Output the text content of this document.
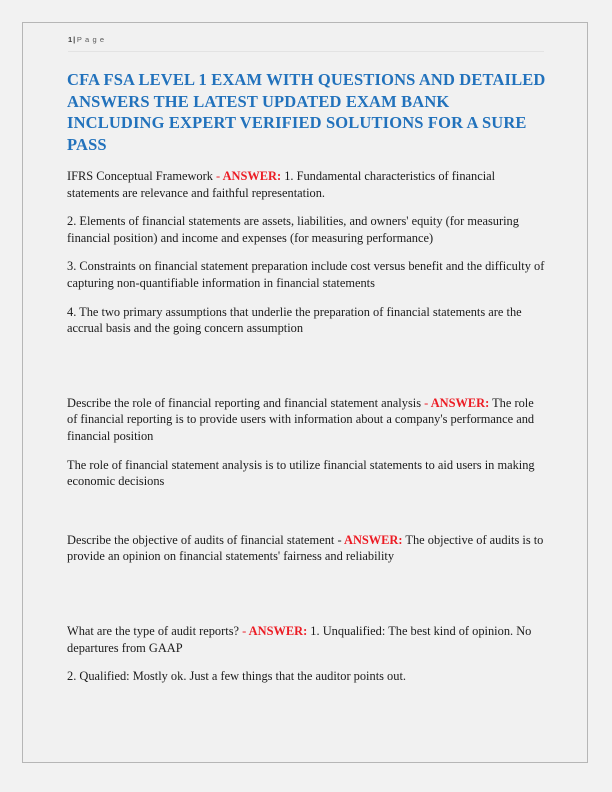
1|P a g e
CFA FSA LEVEL 1 EXAM WITH QUESTIONS AND DETAILED ANSWERS THE LATEST UPDATED EXAM BANK INCLUDING EXPERT VERIFIED SOLUTIONS FOR A SURE PASS

IFRS Conceptual Framework - ANSWER: 1. Fundamental characteristics of financial statements are relevance and faithful representation.

2. Elements of financial statements are assets, liabilities, and owners' equity (for measuring financial position) and income and expenses (for measuring performance)

3. Constraints on financial statement preparation include cost versus benefit and the difficulty of capturing non-quantifiable information in financial statements

4. The two primary assumptions that underlie the preparation of financial statements are the accrual basis and the going concern assumption

Describe the role of financial reporting and financial statement analysis - ANSWER: The role of financial reporting is to provide users with information about a company's performance and financial position

The role of financial statement analysis is to utilize financial statements to aid users in making economic decisions

Describe the objective of audits of financial statement - ANSWER: The objective of audits is to provide an opinion on financial statements' fairness and reliability

What are the type of audit reports? - ANSWER: 1. Unqualified: The best kind of opinion. No departures from GAAP

2. Qualified: Mostly ok. Just a few things that the auditor points out.
